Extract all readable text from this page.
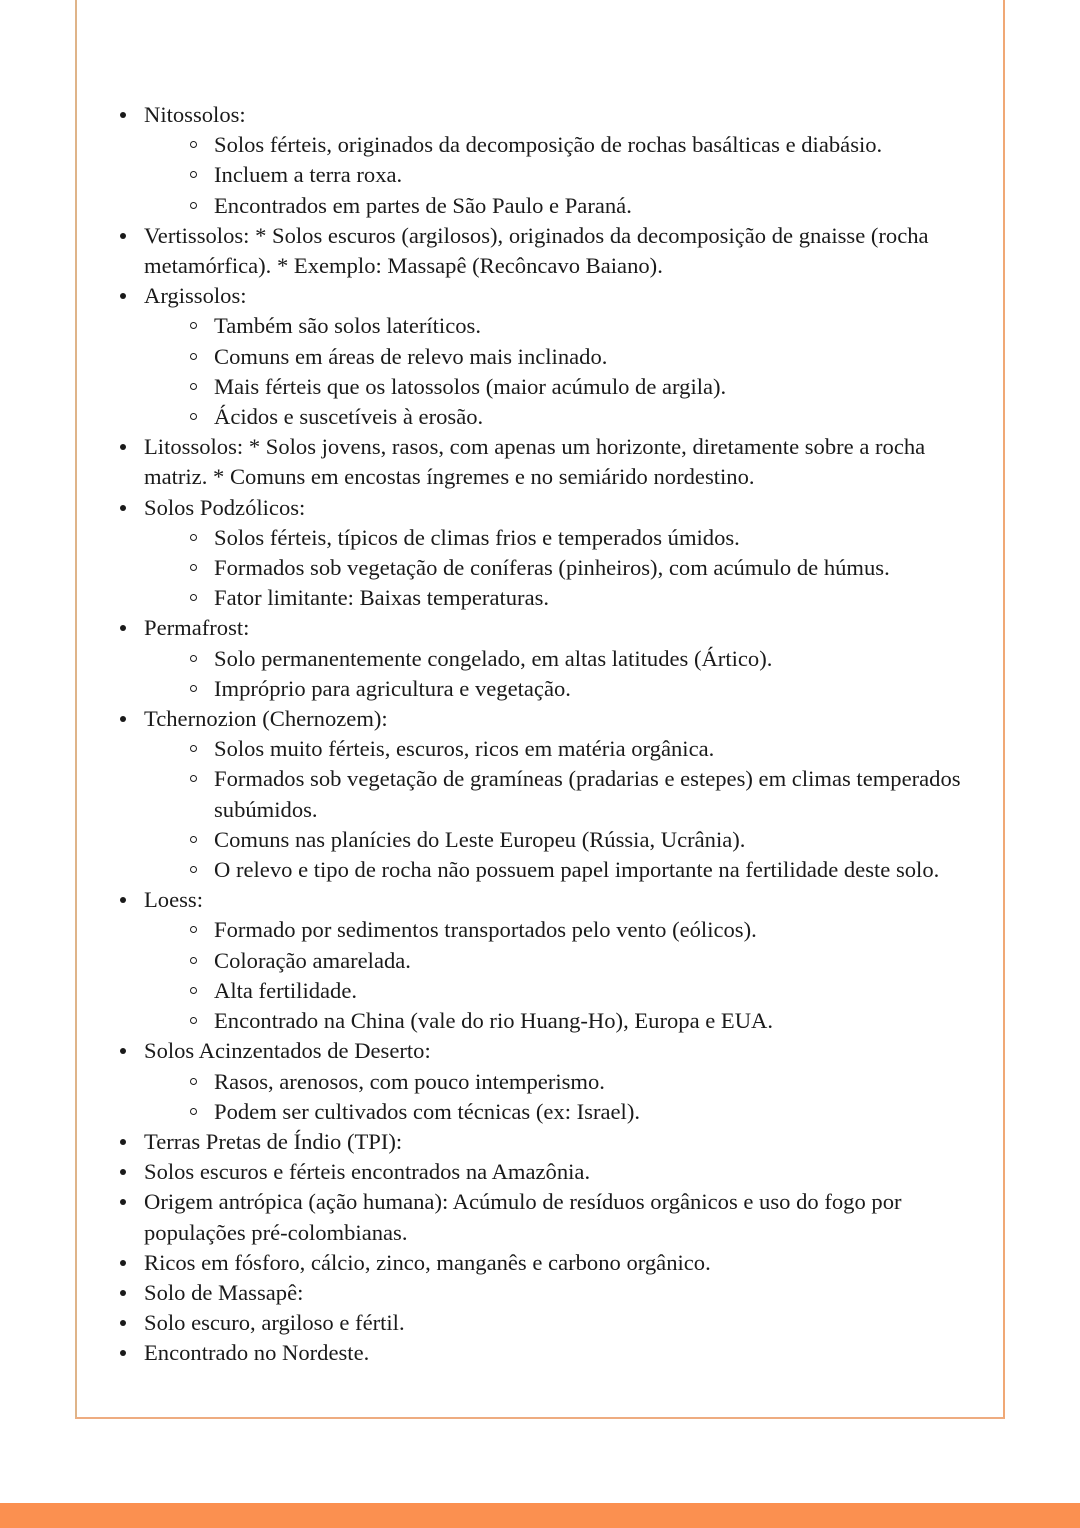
Nitossolos:
Solos férteis, originados da decomposição de rochas basálticas e diabásio.
Incluem a terra roxa.
Encontrados em partes de São Paulo e Paraná.
Vertissolos: * Solos escuros (argilosos), originados da decomposição de gnaisse (rocha metamórfica). * Exemplo: Massapê (Recôncavo Baiano).
Argissolos:
Também são solos lateríticos.
Comuns em áreas de relevo mais inclinado.
Mais férteis que os latossolos (maior acúmulo de argila).
Ácidos e suscetíveis à erosão.
Litossolos: * Solos jovens, rasos, com apenas um horizonte, diretamente sobre a rocha matriz. * Comuns em encostas íngremes e no semiárido nordestino.
Solos Podzólicos:
Solos férteis, típicos de climas frios e temperados úmidos.
Formados sob vegetação de coníferas (pinheiros), com acúmulo de húmus.
Fator limitante: Baixas temperaturas.
Permafrost:
Solo permanentemente congelado, em altas latitudes (Ártico).
Impróprio para agricultura e vegetação.
Tchernozion (Chernozem):
Solos muito férteis, escuros, ricos em matéria orgânica.
Formados sob vegetação de gramíneas (pradarias e estepes) em climas temperados subúmidos.
Comuns nas planícies do Leste Europeu (Rússia, Ucrânia).
O relevo e tipo de rocha não possuem papel importante na fertilidade deste solo.
Loess:
Formado por sedimentos transportados pelo vento (eólicos).
Coloração amarelada.
Alta fertilidade.
Encontrado na China (vale do rio Huang-Ho), Europa e EUA.
Solos Acinzentados de Deserto:
Rasos, arenosos, com pouco intemperismo.
Podem ser cultivados com técnicas (ex: Israel).
Terras Pretas de Índio (TPI):
Solos escuros e férteis encontrados na Amazônia.
Origem antrópica (ação humana): Acúmulo de resíduos orgânicos e uso do fogo por populações pré-colombianas.
Ricos em fósforo, cálcio, zinco, manganês e carbono orgânico.
Solo de Massapê:
Solo escuro, argiloso e fértil.
Encontrado no Nordeste.
